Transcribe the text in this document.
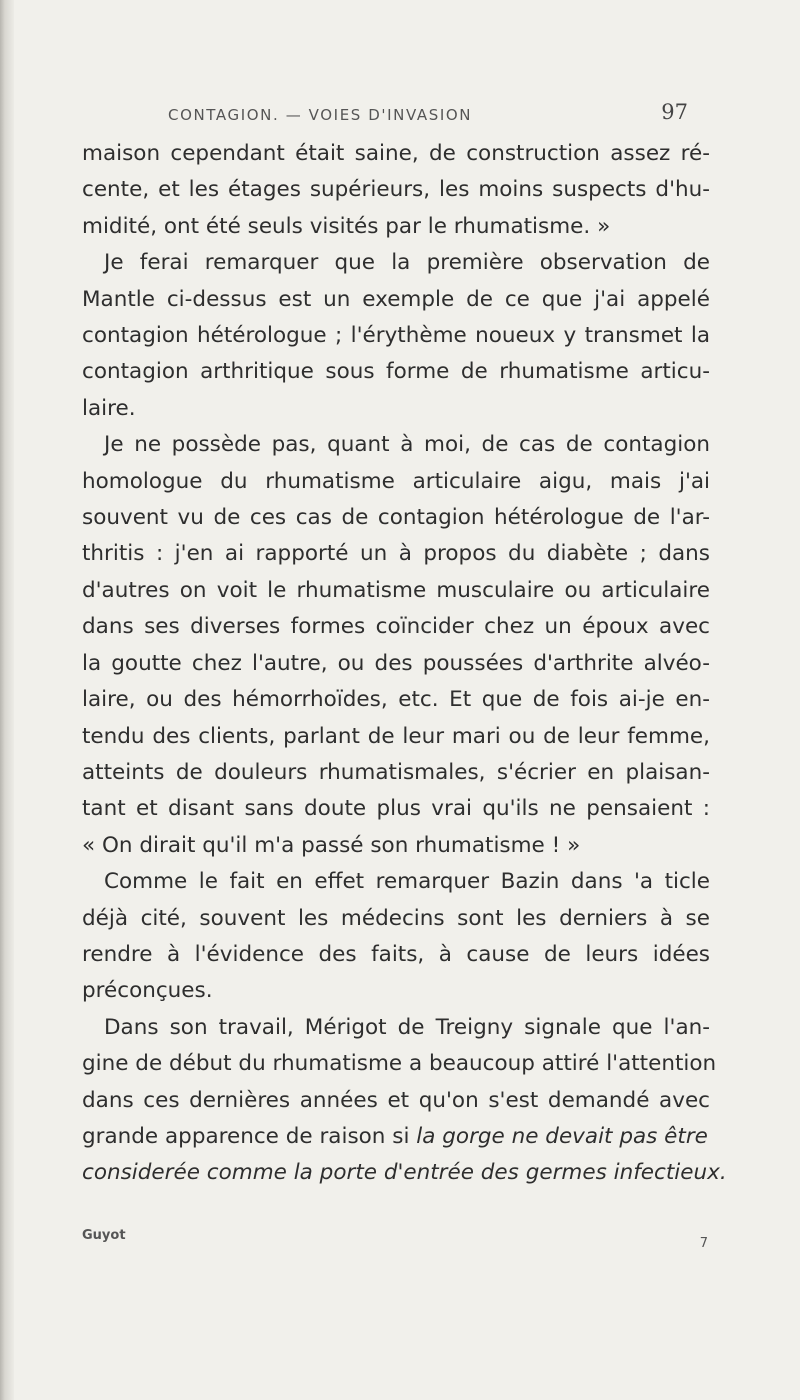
CONTAGION. — VOIES D'INVASION	97
maison cependant était saine, de construction assez ré-
cente, et les étages supérieurs, les moins suspects d'hu-
midité, ont été seuls visités par le rhumatisme. »
Je ferai remarquer que la première observation de
Mantle ci-dessus est un exemple de ce que j'ai appelé
contagion hétérologue ; l'érythème noueux y transmet la
contagion arthritique sous forme de rhumatisme articu-
laire.
Je ne possède pas, quant à moi, de cas de contagion
homologue du rhumatisme articulaire aigu, mais j'ai
souvent vu de ces cas de contagion hétérologue de l'ar-
thritis : j'en ai rapporté un à propos du diabète ; dans
d'autres on voit le rhumatisme musculaire ou articulaire
dans ses diverses formes coïncider chez un époux avec
la goutte chez l'autre, ou des poussées d'arthrite alvéo-
laire, ou des hémorrhoïdes, etc. Et que de fois ai-je en-
tendu des clients, parlant de leur mari ou de leur femme,
atteints de douleurs rhumatismales, s'écrier en plaisan-
tant et disant sans doute plus vrai qu'ils ne pensaient :
« On dirait qu'il m'a passé son rhumatisme ! »
Comme le fait en effet remarquer Bazin dans 'a ticle
déjà cité, souvent les médecins sont les derniers à se
rendre à l'évidence des faits, à cause de leurs idées
préconçues.
Dans son travail, Mérigot de Treigny signale que l'an-
gine de début du rhumatisme a beaucoup attiré l'attention
dans ces dernières années et qu'on s'est demandé avec
grande apparence de raison si la gorge ne devait pas être
considerée comme la porte d'entrée des germes infectieux.
Guyot
7
